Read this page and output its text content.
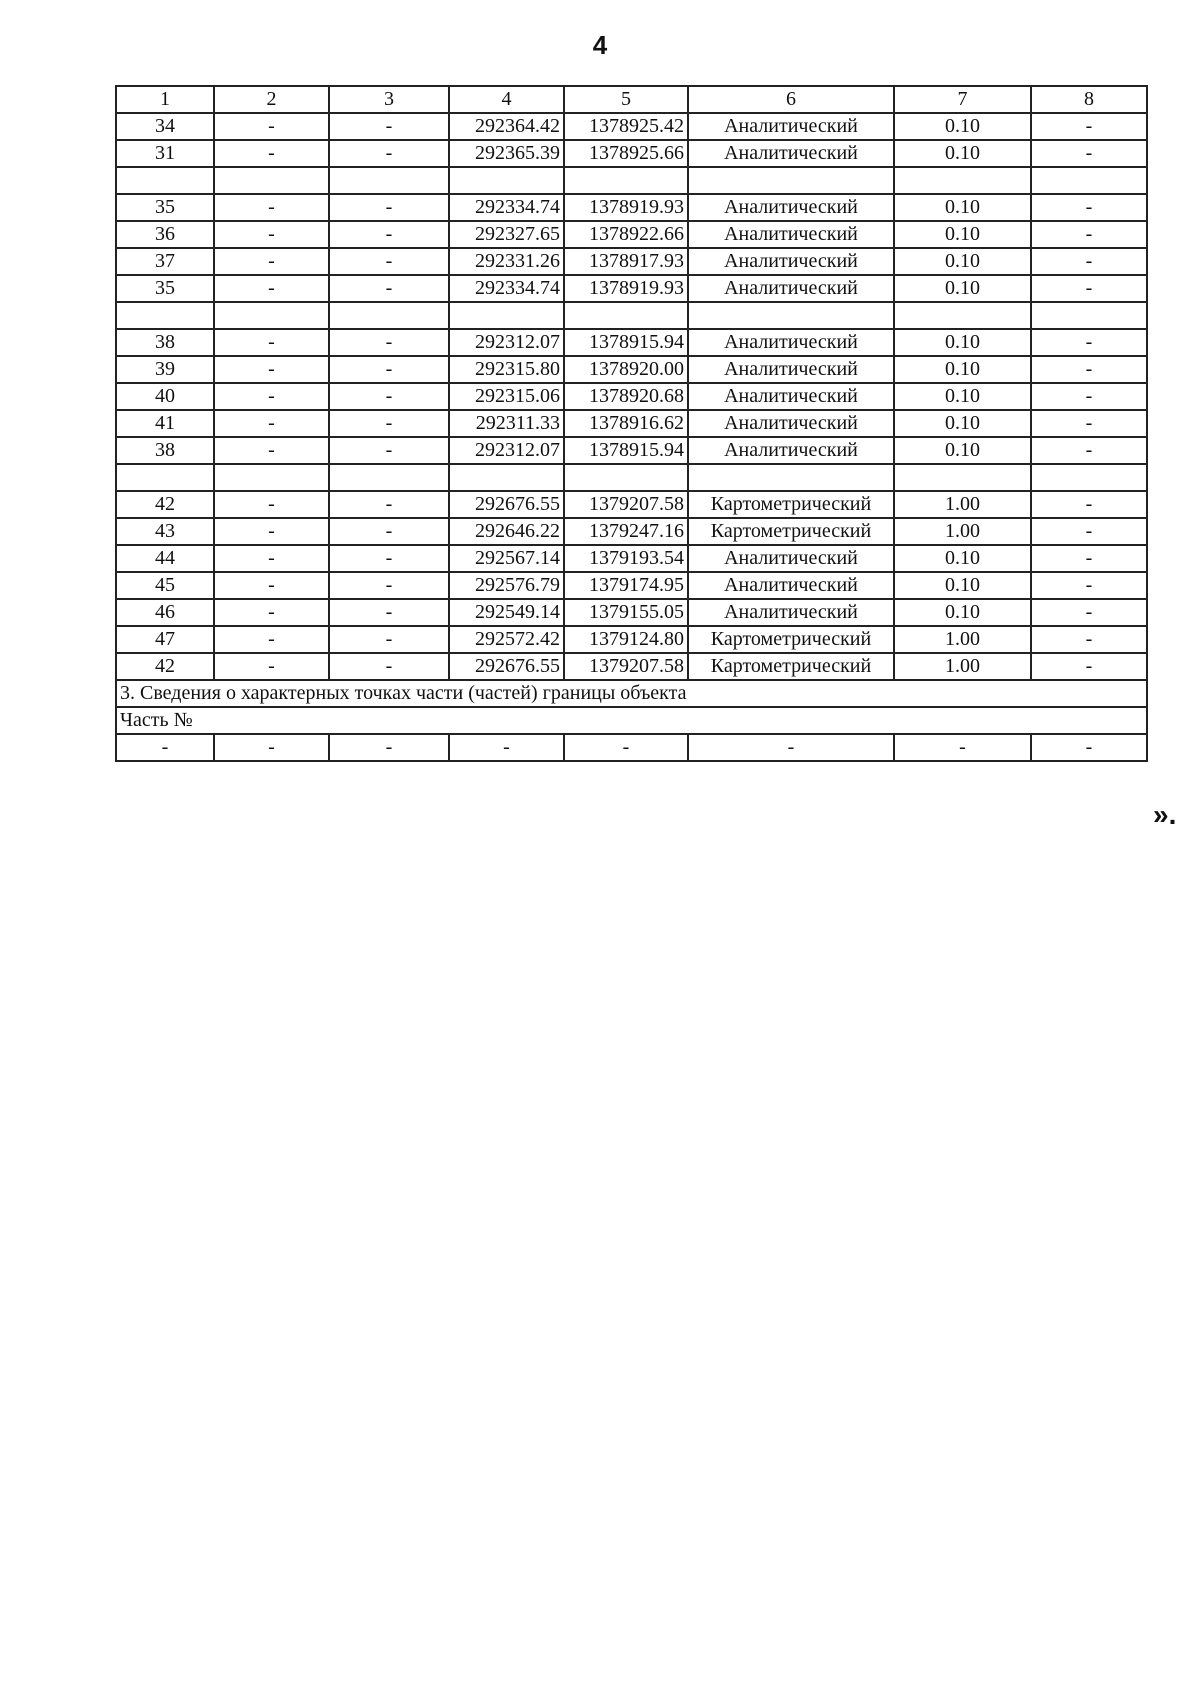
4
1	2	3	4	5	6	7	8
34	-	-	292364.42	1378925.42	Аналитический	0.10	-
31	-	-	292365.39	1378925.66	Аналитический	0.10	-

35	-	-	292334.74	1378919.93	Аналитический	0.10	-
36	-	-	292327.65	1378922.66	Аналитический	0.10	-
37	-	-	292331.26	1378917.93	Аналитический	0.10	-
35	-	-	292334.74	1378919.93	Аналитический	0.10	-

38	-	-	292312.07	1378915.94	Аналитический	0.10	-
39	-	-	292315.80	1378920.00	Аналитический	0.10	-
40	-	-	292315.06	1378920.68	Аналитический	0.10	-
41	-	-	292311.33	1378916.62	Аналитический	0.10	-
38	-	-	292312.07	1378915.94	Аналитический	0.10	-

42	-	-	292676.55	1379207.58	Картометрический	1.00	-
43	-	-	292646.22	1379247.16	Картометрический	1.00	-
44	-	-	292567.14	1379193.54	Аналитический	0.10	-
45	-	-	292576.79	1379174.95	Аналитический	0.10	-
46	-	-	292549.14	1379155.05	Аналитический	0.10	-
47	-	-	292572.42	1379124.80	Картометрический	1.00	-
42	-	-	292676.55	1379207.58	Картометрический	1.00	-
3. Сведения о характерных точках части (частей) границы объекта							
Часть №							
-	-	-	-	-	-	-	-
».
